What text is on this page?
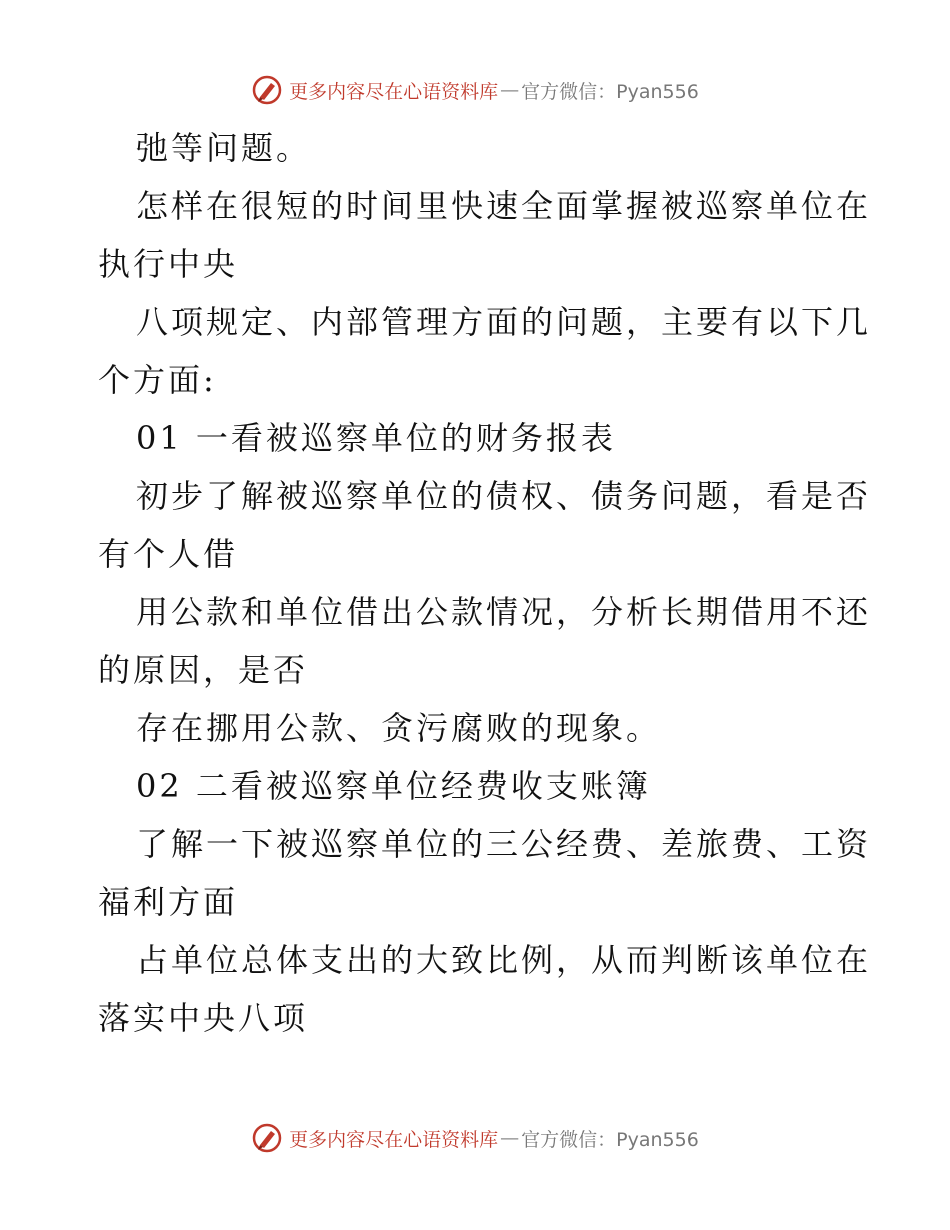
更多内容尽在心语资料库 — 官方微信：Pyan556
弛等问题。
怎样在很短的时间里快速全面掌握被巡察单位在
执行中央
八项规定、内部管理方面的问题，主要有以下几
个方面:
01 一看被巡察单位的财务报表
初步了解被巡察单位的债权、债务问题，看是否
有个人借
用公款和单位借出公款情况，分析长期借用不还
的原因，是否
存在挪用公款、贪污腐败的现象。
02 二看被巡察单位经费收支账簿
了解一下被巡察单位的三公经费、差旅费、工资
福利方面
占单位总体支出的大致比例，从而判断该单位在
落实中央八项
更多内容尽在心语资料库 — 官方微信：Pyan556
